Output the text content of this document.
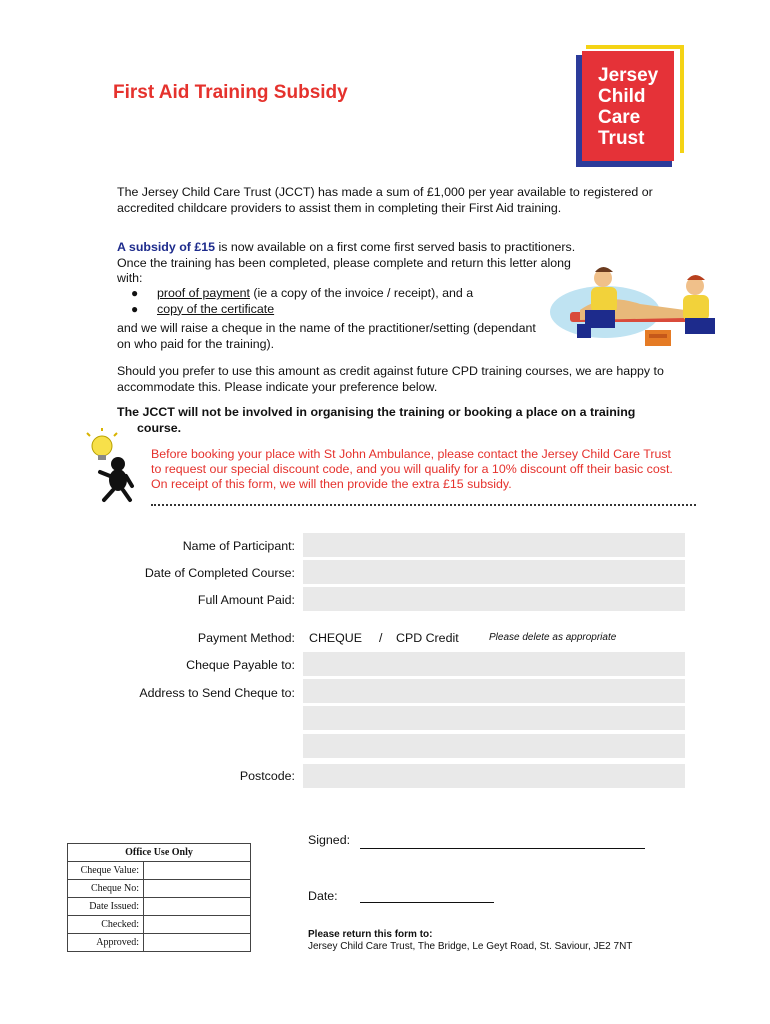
First Aid Training Subsidy
Jersey
Child
Care
Trust
The Jersey Child Care Trust (JCCT) has made a sum of £1,000 per year available to registered or accredited childcare providers to assist them in completing their First Aid training.
A subsidy of £15 is now available on a first come first served basis to practitioners. Once the training has been completed, please complete and return this letter along with:
●	proof of payment (ie a copy of the invoice / receipt), and a
●	copy of the certificate
and we will raise a cheque in the name of the practitioner/setting (dependant on who paid for the training).
Should you prefer to use this amount as credit against future CPD training courses, we are happy to accommodate this. Please indicate your preference below.
The JCCT will not be involved in organising the training or booking a place on a training
course.
Before booking your place with St John Ambulance, please contact the Jersey Child Care Trust to request our special discount code, and you will qualify for a 10% discount off their basic cost. On receipt of this form, we will then provide the extra £15 subsidy.
Name of Participant:
Date of Completed Course:
Full Amount Paid:
Payment Method: CHEQUE / CPD Credit	Please delete as appropriate
Cheque Payable to:
Address to Send Cheque to:
Postcode:
Office Use Only
Cheque Value:
Cheque No:
Date Issued:
Checked:
Approved:
Signed:
Date:
Please return this form to:
Jersey Child Care Trust, The Bridge, Le Geyt Road, St. Saviour, JE2 7NT
